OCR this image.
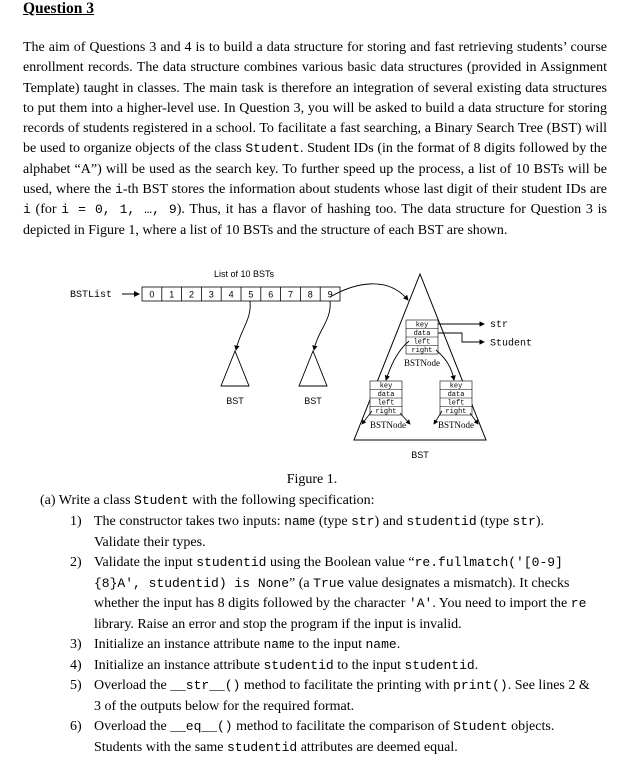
Question 3
The aim of Questions 3 and 4 is to build a data structure for storing and fast retrieving students’ course enrollment records. The data structure combines various basic data structures (provided in Assignment Template) taught in classes. The main task is therefore an integration of several existing data structures to put them into a higher-level use. In Question 3, you will be asked to build a data structure for storing records of students registered in a school. To facilitate a fast searching, a Binary Search Tree (BST) will be used to organize objects of the class Student. Student IDs (in the format of 8 digits followed by the alphabet “A”) will be used as the search key. To further speed up the process, a list of 10 BSTs will be used, where the i-th BST stores the information about students whose last digit of their student IDs are i (for i = 0, 1, …, 9). Thus, it has a flavor of hashing too. The data structure for Question 3 is depicted in Figure 1, where a list of 10 BSTs and the structure of each BST are shown.
List of 10 BSTs
BSTList	0 1 2 3 4 5 6 7 8 9
BST	BST
BST
key
data
left
right
BSTNode
str
Student
key
data
left
right
BSTNode
key
data
left
right
BSTNode
Figure 1.
(a) Write a class Student with the following specification:
1) The constructor takes two inputs: name (type str) and studentid (type str). Validate their types.
2) Validate the input studentid using the Boolean value “re.fullmatch('[0-9]{8}A', studentid) is None” (a True value designates a mismatch). It checks whether the input has 8 digits followed by the character 'A'. You need to import the re library. Raise an error and stop the program if the input is invalid.
3) Initialize an instance attribute name to the input name.
4) Initialize an instance attribute studentid to the input studentid.
5) Overload the __str__() method to facilitate the printing with print(). See lines 2 & 3 of the outputs below for the required format.
6) Overload the __eq__() method to facilitate the comparison of Student objects. Students with the same studentid attributes are deemed equal.
